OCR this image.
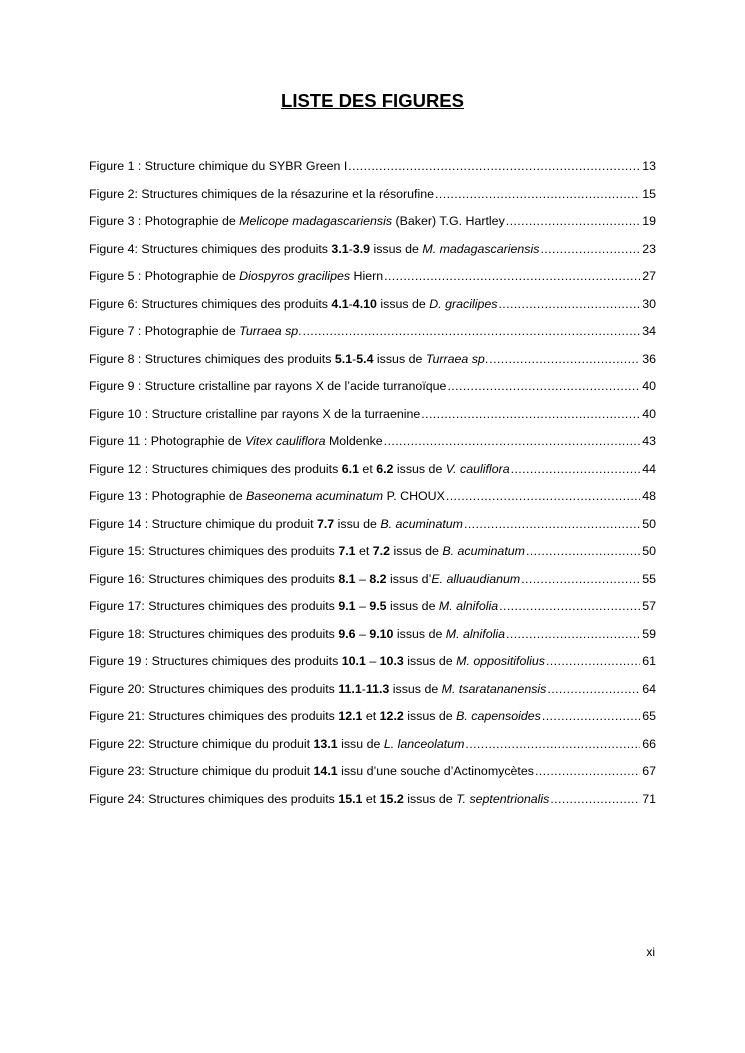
LISTE DES FIGURES
Figure 1 : Structure chimique du SYBR Green I .....	13
Figure 2: Structures chimiques de la résazurine et la résorufine .....	15
Figure 3 : Photographie de Melicope madagascariensis (Baker) T.G. Hartley .....	19
Figure 4: Structures chimiques des produits 3.1-3.9 issus de M. madagascariensis .....	23
Figure 5 : Photographie de Diospyros gracilipes Hiern .....	27
Figure 6: Structures chimiques des produits 4.1-4.10 issus de D. gracilipes .....	30
Figure 7 : Photographie de Turraea sp. .....	34
Figure 8 : Structures chimiques des produits 5.1-5.4 issus de Turraea sp. .....	36
Figure 9 : Structure cristalline par rayons X de l’acide turranoïque .....	40
Figure 10 : Structure cristalline par rayons X de la turraenine .....	40
Figure 11 : Photographie de Vitex cauliflora Moldenke .....	43
Figure 12 : Structures chimiques des produits 6.1 et 6.2 issus de V. cauliflora .....	44
Figure 13 : Photographie de Baseonema acuminatum P. CHOUX .....	48
Figure 14 : Structure chimique du produit 7.7 issu de B. acuminatum .....	50
Figure 15: Structures chimiques des produits 7.1 et 7.2 issus de B. acuminatum .....	50
Figure 16: Structures chimiques des produits 8.1 – 8.2 issus d’E. alluaudianum .....	55
Figure 17: Structures chimiques des produits 9.1 – 9.5 issus de M. alnifolia .....	57
Figure 18: Structures chimiques des produits 9.6 – 9.10 issus de M. alnifolia .....	59
Figure 19 : Structures chimiques des produits 10.1 – 10.3 issus de M. oppositifolius .....	61
Figure 20: Structures chimiques des produits 11.1-11.3 issus de M. tsaratananensis .....	64
Figure 21: Structures chimiques des produits 12.1 et 12.2 issus de B. capensoides .....	65
Figure 22: Structure chimique du produit 13.1 issu de L. lanceolatum .....	66
Figure 23: Structure chimique du produit 14.1 issu d’une souche d’Actinomycètes .....	67
Figure 24: Structures chimiques des produits 15.1 et 15.2 issus de T. septentrionalis .....	71
xi
